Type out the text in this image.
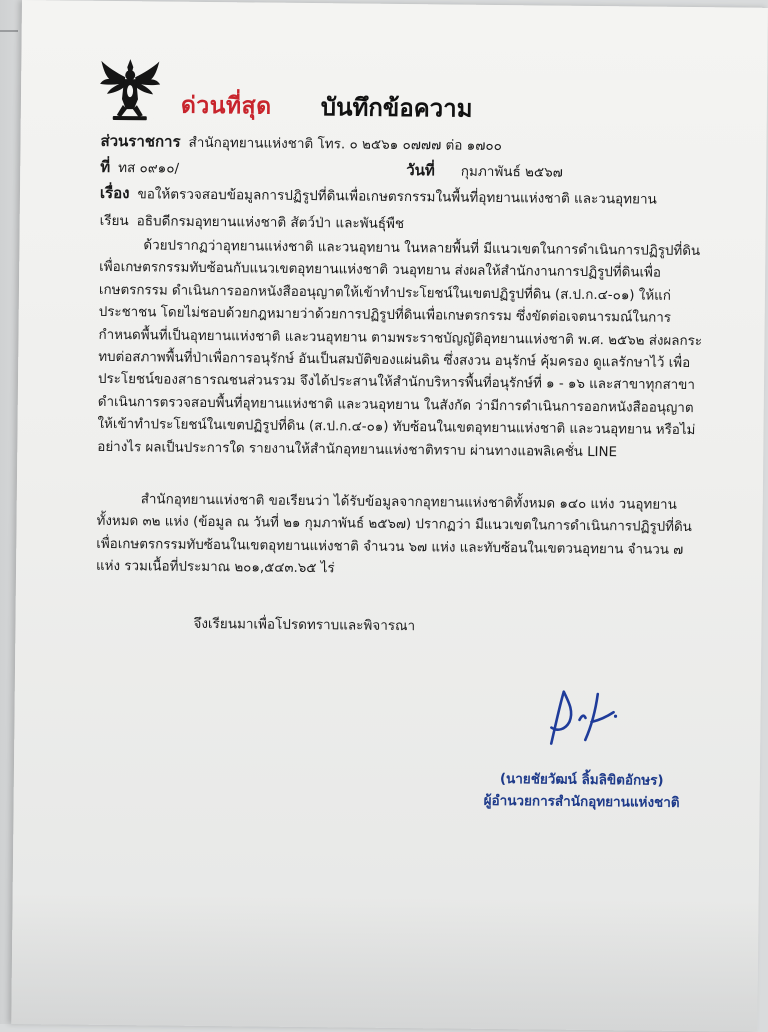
ด่วนที่สุด บันทึกข้อความ
ส่วนราชการ สำนักอุทยานแห่งชาติ โทร. ๐ ๒๕๖๑ ๐๗๗๗ ต่อ ๑๗๐๐
ที่ ทส ๐๙๑๐/	วันที่ กุมภาพันธ์ ๒๕๖๗
เรื่อง ขอให้ตรวจสอบข้อมูลการปฏิรูปที่ดินเพื่อเกษตรกรรมในพื้นที่อุทยานแห่งชาติ และวนอุทยาน
เรียน อธิบดีกรมอุทยานแห่งชาติ สัตว์ป่า และพันธุ์พืช

ด้วยปรากฏว่าอุทยานแห่งชาติ และวนอุทยาน ในหลายพื้นที่ มีแนวเขตในการดำเนินการปฏิรูปที่ดินเพื่อเกษตรกรรมทับซ้อนกับแนวเขตอุทยานแห่งชาติ วนอุทยาน ส่งผลให้สำนักงานการปฏิรูปที่ดินเพื่อเกษตรกรรม ดำเนินการออกหนังสืออนุญาตให้เข้าทำประโยชน์ในเขตปฏิรูปที่ดิน (ส.ป.ก.๔-๐๑) ให้แก่ประชาชน โดยไม่ชอบด้วยกฎหมายว่าด้วยการปฏิรูปที่ดินเพื่อเกษตรกรรม ซึ่งขัดต่อเจตนารมณ์ในการกำหนดพื้นที่เป็นอุทยานแห่งชาติ และวนอุทยาน ตามพระราชบัญญัติอุทยานแห่งชาติ พ.ศ. ๒๕๖๒ ส่งผลกระทบต่อสภาพพื้นที่ป่าเพื่อการอนุรักษ์ อันเป็นสมบัติของแผ่นดิน ซึ่งสงวน อนุรักษ์ คุ้มครอง ดูแลรักษาไว้ เพื่อประโยชน์ของสาธารณชนส่วนรวม จึงได้ประสานให้สำนักบริหารพื้นที่อนุรักษ์ที่ ๑ - ๑๖ และสาขาทุกสาขา ดำเนินการตรวจสอบพื้นที่อุทยานแห่งชาติ และวนอุทยาน ในสังกัด ว่ามีการดำเนินการออกหนังสืออนุญาตให้เข้าทำประโยชน์ในเขตปฏิรูปที่ดิน (ส.ป.ก.๔-๐๑) ทับซ้อนในเขตอุทยานแห่งชาติ และวนอุทยาน หรือไม่ อย่างไร ผลเป็นประการใด รายงานให้สำนักอุทยานแห่งชาติทราบ ผ่านทางแอพลิเคชั่น LINE

สำนักอุทยานแห่งชาติ ขอเรียนว่า ได้รับข้อมูลจากอุทยานแห่งชาติทั้งหมด ๑๔๐ แห่ง วนอุทยานทั้งหมด ๓๒ แห่ง (ข้อมูล ณ วันที่ ๒๑ กุมภาพันธ์ ๒๕๖๗) ปรากฏว่า มีแนวเขตในการดำเนินการปฏิรูปที่ดินเพื่อเกษตรกรรมทับซ้อนในเขตอุทยานแห่งชาติ จำนวน ๖๗ แห่ง และทับซ้อนในเขตวนอุทยาน จำนวน ๗ แห่ง รวมเนื้อที่ประมาณ ๒๐๑,๕๔๓.๖๕ ไร่

จึงเรียนมาเพื่อโปรดทราบและพิจารณา
(นายชัยวัฒน์ ลิ้มลิขิตอักษร)
ผู้อำนวยการสำนักอุทยานแห่งชาติ
